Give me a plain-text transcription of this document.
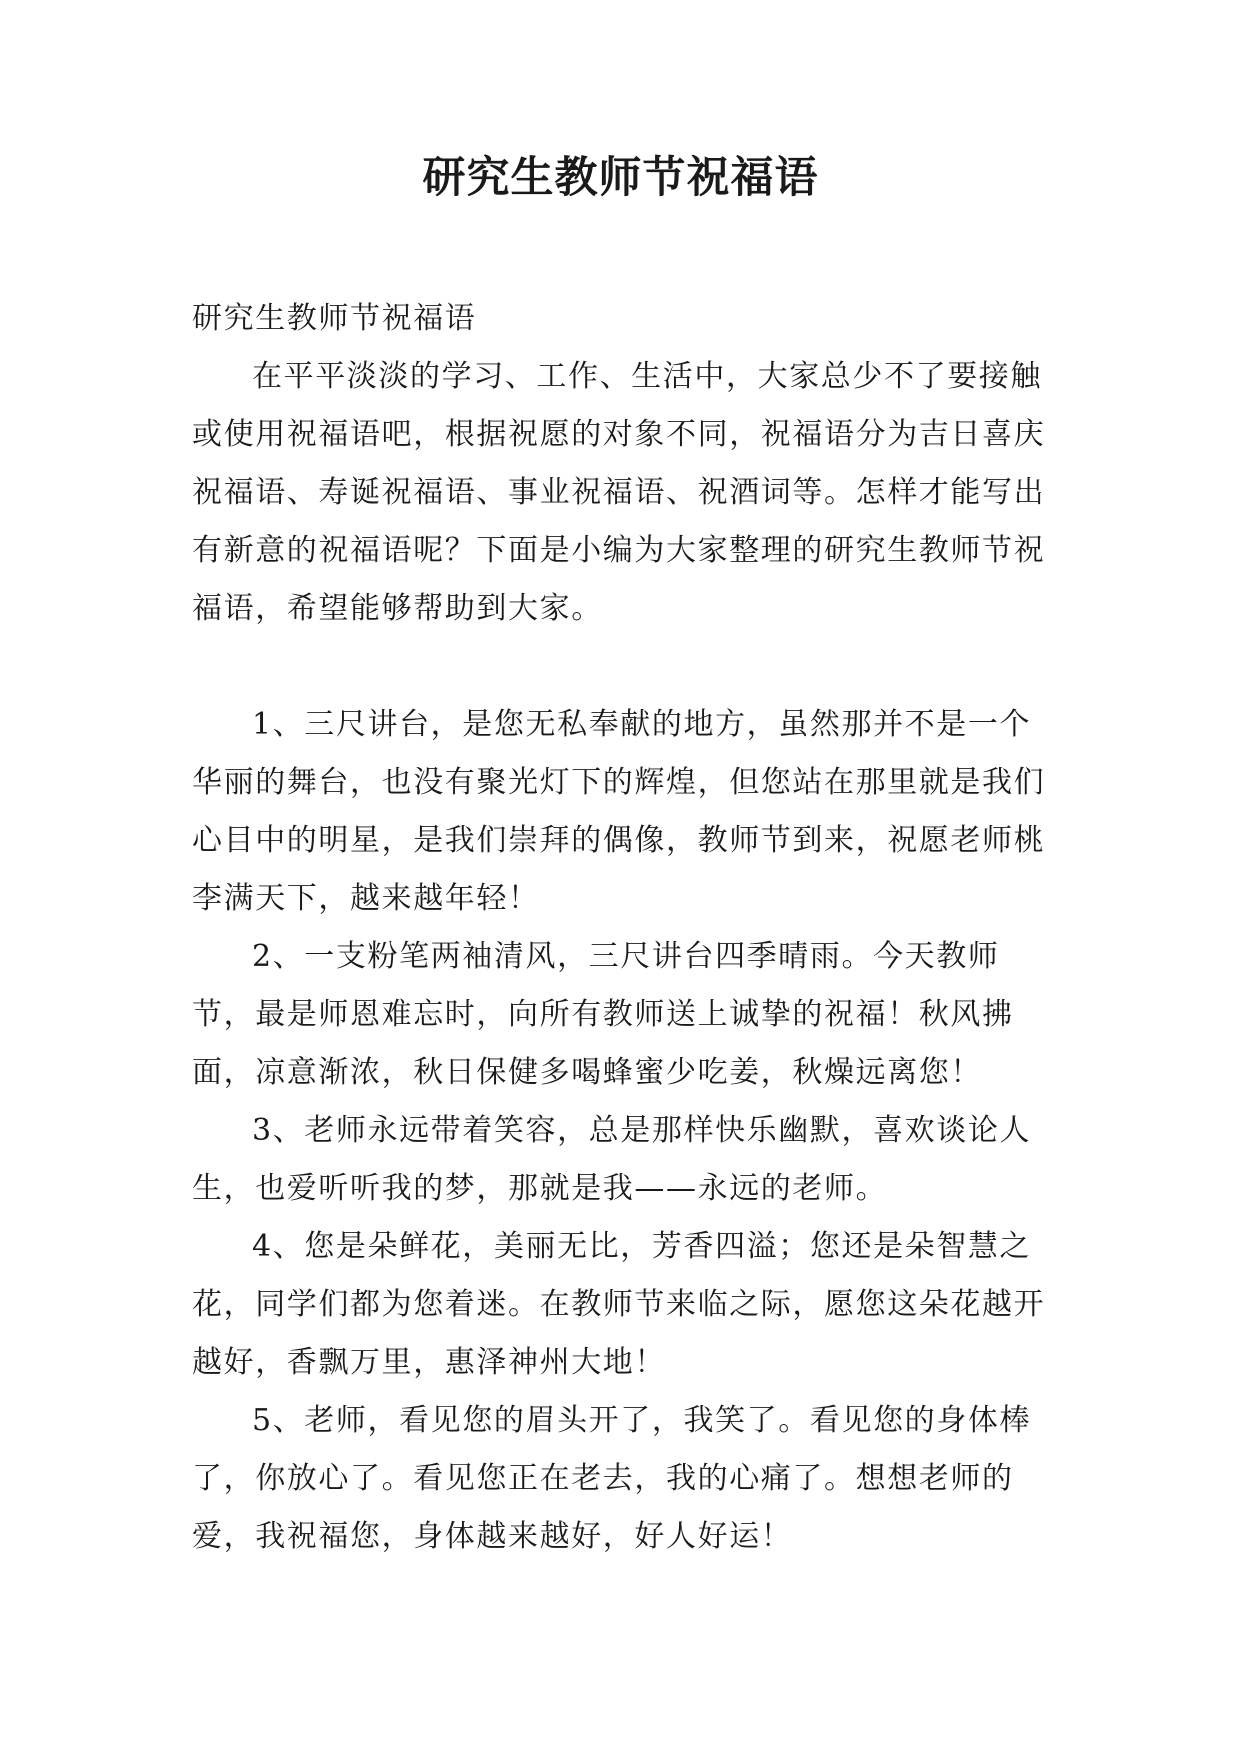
研究生教师节祝福语

研究生教师节祝福语

在平平淡淡的学习、工作、生活中，大家总少不了要接触或使用祝福语吧，根据祝愿的对象不同，祝福语分为吉日喜庆祝福语、寿诞祝福语、事业祝福语、祝酒词等。怎样才能写出有新意的祝福语呢？下面是小编为大家整理的研究生教师节祝福语，希望能够帮助到大家。

1、三尺讲台，是您无私奉献的地方，虽然那并不是一个华丽的舞台，也没有聚光灯下的辉煌，但您站在那里就是我们心目中的明星，是我们崇拜的偶像，教师节到来，祝愿老师桃李满天下，越来越年轻！

2、一支粉笔两袖清风，三尺讲台四季晴雨。今天教师节，最是师恩难忘时，向所有教师送上诚挚的祝福！秋风拂面，凉意渐浓，秋日保健多喝蜂蜜少吃姜，秋燥远离您！

3、老师永远带着笑容，总是那样快乐幽默，喜欢谈论人生，也爱听听我的梦，那就是我——永远的老师。

4、您是朵鲜花，美丽无比，芳香四溢；您还是朵智慧之花，同学们都为您着迷。在教师节来临之际，愿您这朵花越开越好，香飘万里，惠泽神州大地！

5、老师，看见您的眉头开了，我笑了。看见您的身体棒了，你放心了。看见您正在老去，我的心痛了。想想老师的爱，我祝福您，身体越来越好，好人好运！
